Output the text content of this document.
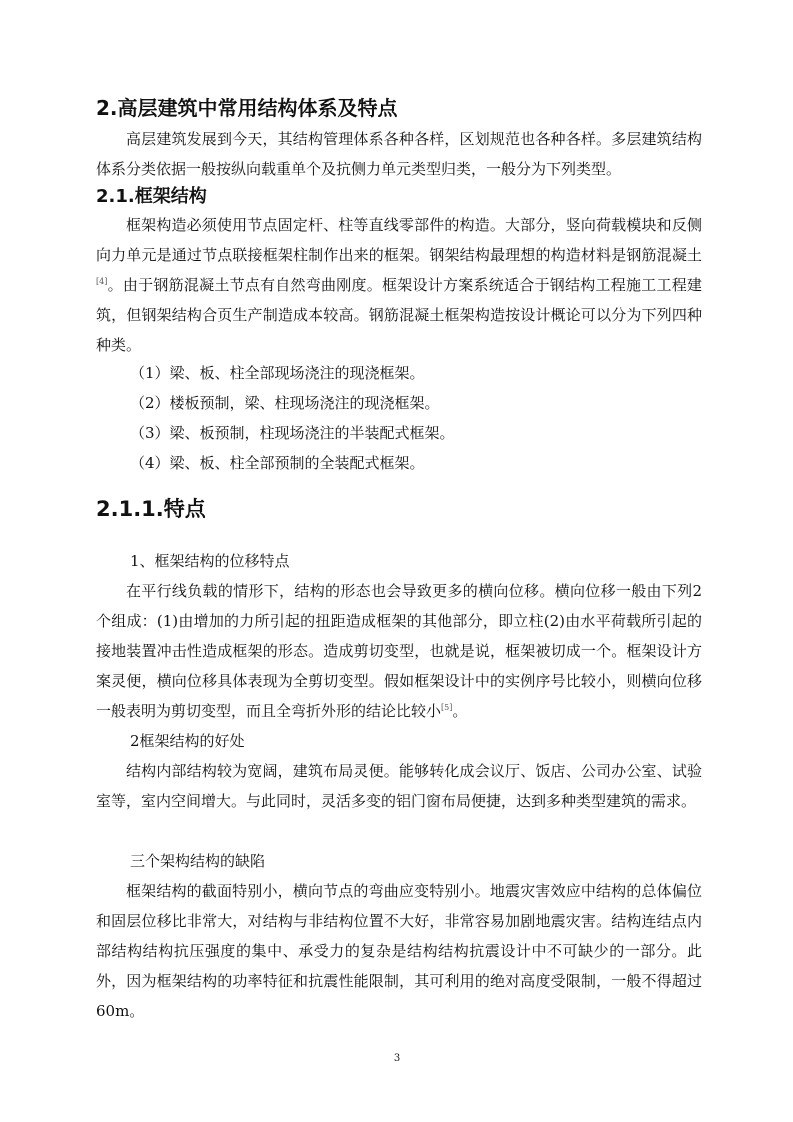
2.高层建筑中常用结构体系及特点

高层建筑发展到今天，其结构管理体系各种各样，区划规范也各种各样。多层建筑结构体系分类依据一般按纵向载重单个及抗侧力单元类型归类，一般分为下列类型。

2.1.框架结构

框架构造必须使用节点固定杆、柱等直线零部件的构造。大部分，竖向荷载模块和反侧向力单元是通过节点联接框架柱制作出来的框架。钢架结构最理想的构造材料是钢筋混凝土[4]。由于钢筋混凝土节点有自然弯曲刚度。框架设计方案系统适合于钢结构工程施工工程建筑，但钢架结构合页生产制造成本较高。钢筋混凝土框架构造按设计概论可以分为下列四种种类。

（1）梁、板、柱全部现场浇注的现浇框架。
（2）楼板预制，梁、柱现场浇注的现浇框架。
（3）梁、板预制，柱现场浇注的半装配式框架。
（4）梁、板、柱全部预制的全装配式框架。
2.1.1.特点
1、框架结构的位移特点

在平行线负载的情形下，结构的形态也会导致更多的横向位移。横向位移一般由下列2个组成：(1)由增加的力所引起的扭距造成框架的其他部分，即立柱(2)由水平荷载所引起的接地装置冲击性造成框架的形态。造成剪切变型，也就是说，框架被切成一个。框架设计方案灵便，横向位移具体表现为全剪切变型。假如框架设计中的实例序号比较小，则横向位移一般表明为剪切变型，而且全弯折外形的结论比较小[5]。

2框架结构的好处

结构内部结构较为宽阔，建筑布局灵便。能够转化成会议厅、饭店、公司办公室、试验室等，室内空间增大。与此同时，灵活多变的铝门窗布局便捷，达到多种类型建筑的需求。

三个架构结构的缺陷

框架结构的截面特别小，横向节点的弯曲应变特别小。地震灾害效应中结构的总体偏位和固层位移比非常大，对结构与非结构位置不大好，非常容易加剧地震灾害。结构连结点内部结构结构抗压强度的集中、承受力的复杂是结构结构抗震设计中不可缺少的一部分。此外，因为框架结构的功率特征和抗震性能限制，其可利用的绝对高度受限制，一般不得超过60m。

3
